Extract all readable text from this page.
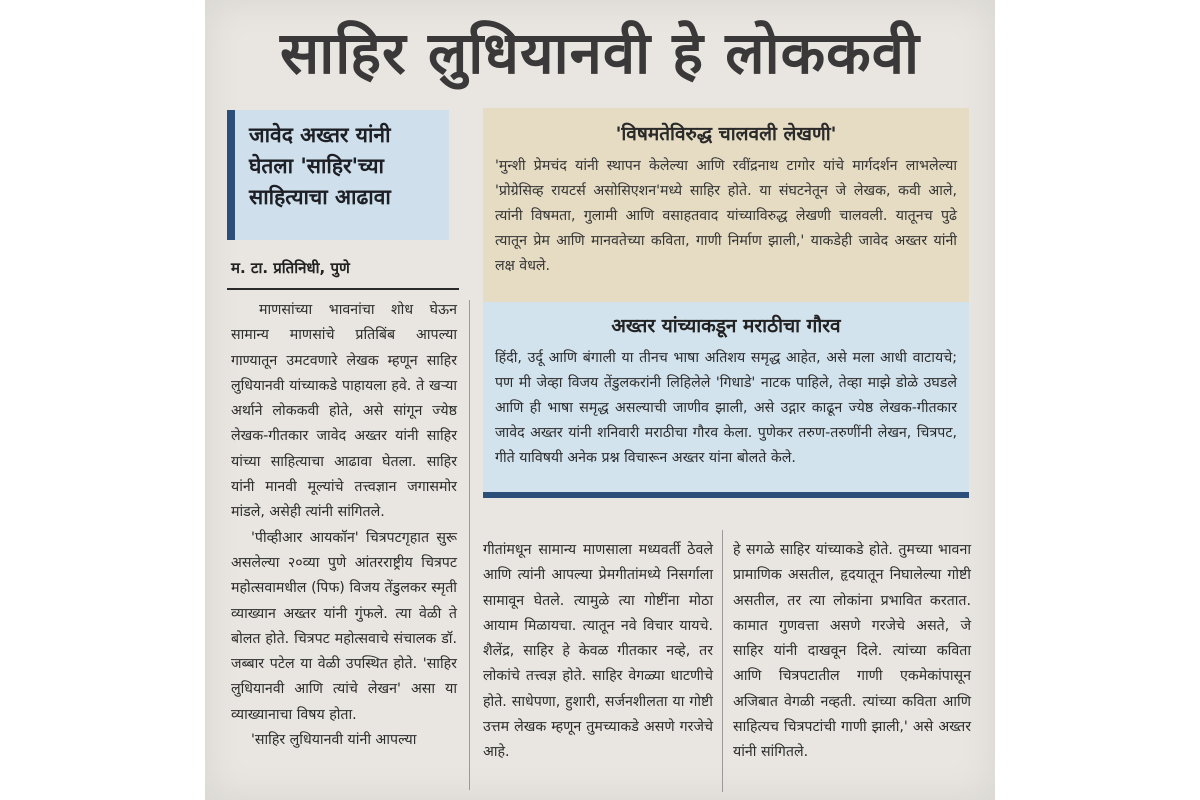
साहिर लुधियानवी हे लोककवी
जावेद अख्तर यांनी घेतला 'साहिर'च्या साहित्याचा आढावा
म. टा. प्रतिनिधी, पुणे

माणसांच्या भावनांचा शोध घेऊन सामान्य माणसांचे प्रतिबिंब आपल्या गाण्यातून उमटवणारे लेखक म्हणून साहिर लुधियानवी यांच्याकडे पाहायला हवे. ते खऱ्या अर्थाने लोककवी होते, असे सांगून ज्येष्ठ लेखक-गीतकार जावेद अख्तर यांनी साहिर यांच्या साहित्याचा आढावा घेतला. साहिर यांनी मानवी मूल्यांचे तत्त्वज्ञान जगासमोर मांडले, असेही त्यांनी सांगितले.

'पीव्हीआर आयकॉन' चित्रपटगृहात सुरू असलेल्या २०व्या पुणे आंतरराष्ट्रीय चित्रपट महोत्सवामधील (पिफ) विजय तेंडुलकर स्मृती व्याख्यान अख्तर यांनी गुंफले. त्या वेळी ते बोलत होते. चित्रपट महोत्सवाचे संचालक डॉ. जब्बार पटेल या वेळी उपस्थित होते. 'साहिर लुधियानवी आणि त्यांचे लेखन' असा या व्याख्यानाचा विषय होता.

'साहिर लुधियानवी यांनी आपल्या

'विषमतेविरुद्ध चालवली लेखणी'
'मुन्शी प्रेमचंद यांनी स्थापन केलेल्या आणि रवींद्रनाथ टागोर यांचे मार्गदर्शन लाभलेल्या 'प्रोग्रेसिव्ह रायटर्स असोसिएशन'मध्ये साहिर होते. या संघटनेतून जे लेखक, कवी आले, त्यांनी विषमता, गुलामी आणि वसाहतवाद यांच्याविरुद्ध लेखणी चालवली. यातूनच पुढे त्यातून प्रेम आणि मानवतेच्या कविता, गाणी निर्माण झाली,' याकडेही जावेद अख्तर यांनी लक्ष वेधले.
अख्तर यांच्याकडून मराठीचा गौरव
हिंदी, उर्दू आणि बंगाली या तीनच भाषा अतिशय समृद्ध आहेत, असे मला आधी वाटायचे; पण मी जेव्हा विजय तेंडुलकरांनी लिहिलेले 'गिधाडे' नाटक पाहिले, तेव्हा माझे डोळे उघडले आणि ही भाषा समृद्ध असल्याची जाणीव झाली, असे उद्गार काढून ज्येष्ठ लेखक-गीतकार जावेद अख्तर यांनी शनिवारी मराठीचा गौरव केला. पुणेकर तरुण-तरुणींनी लेखन, चित्रपट, गीते याविषयी अनेक प्रश्न विचारून अख्तर यांना बोलते केले.
गीतांमधून सामान्य माणसाला मध्यवर्ती ठेवले आणि त्यांनी आपल्या प्रेमगीतांमध्ये निसर्गाला सामावून घेतले. त्यामुळे त्या गोष्टींना मोठा आयाम मिळायचा. त्यातून नवे विचार यायचे. शैलेंद्र, साहिर हे केवळ गीतकार नव्हे, तर लोकांचे तत्त्वज्ञ होते. साहिर वेगळ्या धाटणीचे होते. साधेपणा, हुशारी, सर्जनशीलता या गोष्टी उत्तम लेखक म्हणून तुमच्याकडे असणे गरजेचे आहे.
हे सगळे साहिर यांच्याकडे होते. तुमच्या भावना प्रामाणिक असतील, हृदयातून निघालेल्या गोष्टी असतील, तर त्या लोकांना प्रभावित करतात. कामात गुणवत्ता असणे गरजेचे असते, जे साहिर यांनी दाखवून दिले. त्यांच्या कविता आणि चित्रपटातील गाणी एकमेकांपासून अजिबात वेगळी नव्हती. त्यांच्या कविता आणि साहित्यच चित्रपटांची गाणी झाली,' असे अख्तर यांनी सांगितले.
